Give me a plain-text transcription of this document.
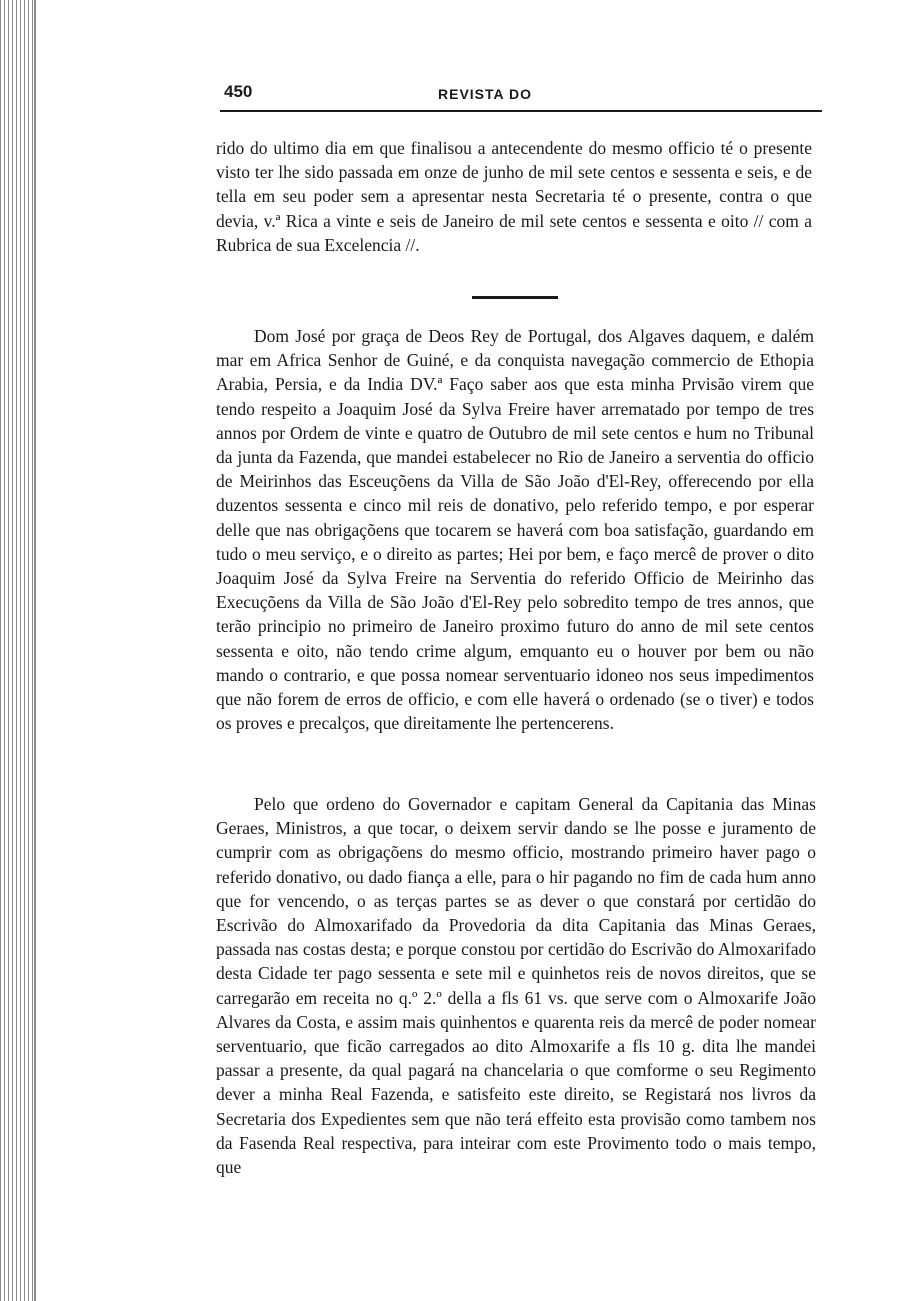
450	REVISTA DO

rido do ultimo dia em que finalisou a antecendente do mesmo officio té o presente visto ter lhe sido passada em onze de junho de mil sete centos e sessenta e seis, e de tella em seu poder sem a apresentar nesta Secretaria té o presente, contra o que devia, v.ª Rica a vinte e seis de Janeiro de mil sete centos e sessenta e oito // com a Rubrica de sua Excelencia //.

Dom José por graça de Deos Rey de Portugal, dos Algaves daquem, e dalém mar em Africa Senhor de Guiné, e da conquista navegação commercio de Ethopia Arabia, Persia, e da India DV.ª Faço saber aos que esta minha Prvisão virem que tendo respeito a Joaquim José da Sylva Freire haver arrematado por tempo de tres annos por Ordem de vinte e quatro de Outubro de mil sete centos e hum no Tribunal da junta da Fazenda, que mandei estabelecer no Rio de Janeiro a serventia do officio de Meirinhos das Esceuçõens da Villa de São João d'El-Rey, offerecendo por ella duzentos sessenta e cinco mil reis de donativo, pelo referido tempo, e por esperar delle que nas obrigaçõens que tocarem se haverá com boa satisfação, guardando em tudo o meu serviço, e o direito as partes; Hei por bem, e faço mercê de prover o dito Joaquim José da Sylva Freire na Serventia do referido Officio de Meirinho das Execuçõens da Villa de São João d'El-Rey pelo sobredito tempo de tres annos, que terão principio no primeiro de Janeiro proximo futuro do anno de mil sete centos sessenta e oito, não tendo crime algum, emquanto eu o houver por bem ou não mando o contrario, e que possa nomear serventuario idoneo nos seus impedimentos que não forem de erros de officio, e com elle haverá o ordenado (se o tiver) e todos os proves e precalços, que direitamente lhe pertencerens.

Pelo que ordeno do Governador e capitam General da Capitania das Minas Geraes, Ministros, a que tocar, o deixem servir dando se lhe posse e juramento de cumprir com as obrigaçõens do mesmo officio, mostrando primeiro haver pago o referido donativo, ou dado fiança a elle, para o hir pagando no fim de cada hum anno que for vencendo, o as terças partes se as dever o que constará por certidão do Escrivão do Almoxarifado da Provedoria da dita Capitania das Minas Geraes, passada nas costas desta; e porque constou por certidão do Escrivão do Almoxarifado desta Cidade ter pago sessenta e sete mil e quinhetos reis de novos direitos, que se carregarão em receita no q.º 2.º della a fls 61 vs. que serve com o Almoxarife João Alvares da Costa, e assim mais quinhentos e quarenta reis da mercê de poder nomear serventuario, que ficão carregados ao dito Almoxarife a fls 10 g. dita lhe mandei passar a presente, da qual pagará na chancelaria o que comforme o seu Regimento dever a minha Real Fazenda, e satisfeito este direito, se Registará nos livros da Secretaria dos Expedientes sem que não terá effeito esta provisão como tambem nos da Fasenda Real respectiva, para inteirar com este Provimento todo o mais tempo, que
